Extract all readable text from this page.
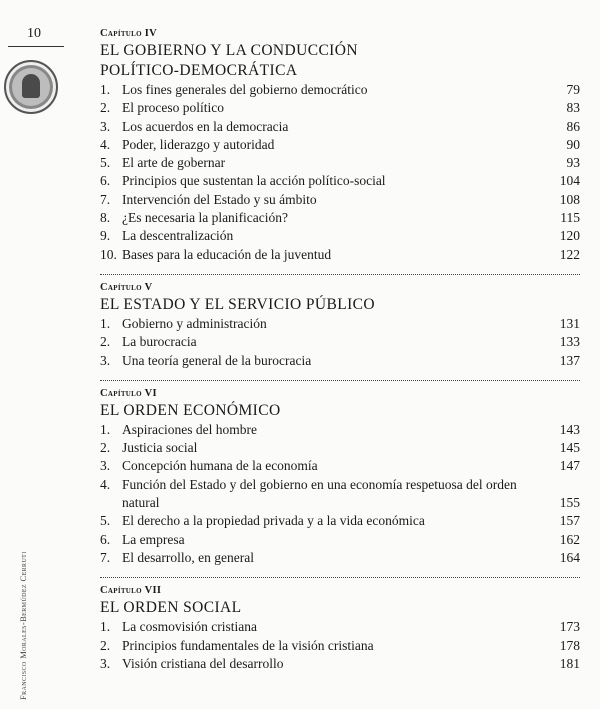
10
Francisco Morales-Bermúdez Cerruti
Capítulo IV
EL GOBIERNO Y LA CONDUCCIÓN
POLÍTICO-DEMOCRÁTICA
1. Los fines generales del gobierno democrático	79
2. El proceso político	83
3. Los acuerdos en la democracia	86
4. Poder, liderazgo y autoridad	90
5. El arte de gobernar	93
6. Principios que sustentan la acción político-social	104
7. Intervención del Estado y su ámbito	108
8. ¿Es necesaria la planificación?	115
9. La descentralización	120
10. Bases para la educación de la juventud	122
Capítulo V
EL ESTADO Y EL SERVICIO PÚBLICO
1. Gobierno y administración	131
2. La burocracia	133
3. Una teoría general de la burocracia	137
Capítulo VI
EL ORDEN ECONÓMICO
1. Aspiraciones del hombre	143
2. Justicia social	145
3. Concepción humana de la economía	147
4. Función del Estado y del gobierno en una economía respetuosa del orden natural	155
5. El derecho a la propiedad privada y a la vida económica	157
6. La empresa	162
7. El desarrollo, en general	164
Capítulo VII
EL ORDEN SOCIAL
1. La cosmovisión cristiana	173
2. Principios fundamentales de la visión cristiana	178
3. Visión cristiana del desarrollo	181
